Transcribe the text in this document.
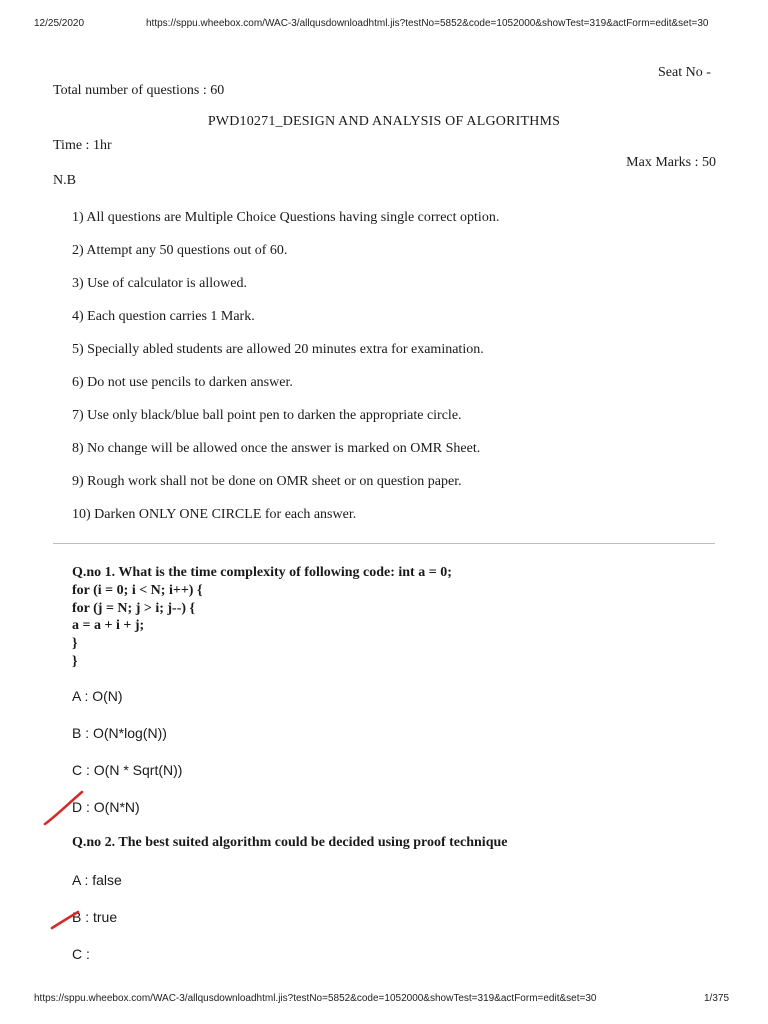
12/25/2020	https://sppu.wheebox.com/WAC-3/allqusdownloadhtml.jis?testNo=5852&code=1052000&showTest=319&actForm=edit&set=30
Seat No -
Total number of questions : 60
PWD10271_DESIGN AND ANALYSIS OF ALGORITHMS
Time : 1hr
Max Marks : 50
N.B
1) All questions are Multiple Choice Questions having single correct option.
2) Attempt any 50 questions out of 60.
3) Use of calculator is allowed.
4) Each question carries 1 Mark.
5) Specially abled students are allowed 20 minutes extra for examination.
6) Do not use pencils to darken answer.
7) Use only black/blue ball point pen to darken the appropriate circle.
8) No change will be allowed once the answer is marked on OMR Sheet.
9) Rough work shall not be done on OMR sheet or on question paper.
10) Darken ONLY ONE CIRCLE for each answer.
Q.no 1. What is the time complexity of following code: int a = 0;
for (i = 0; i < N; i++) {
for (j = N; j > i; j--) {
a = a + i + j;
}
}
A : O(N)
B : O(N*log(N))
C : O(N * Sqrt(N))
D : O(N*N)
Q.no 2. The best suited algorithm could be decided using proof technique
A : false
B : true
C :
https://sppu.wheebox.com/WAC-3/allqusdownloadhtml.jis?testNo=5852&code=1052000&showTest=319&actForm=edit&set=30	1/375
